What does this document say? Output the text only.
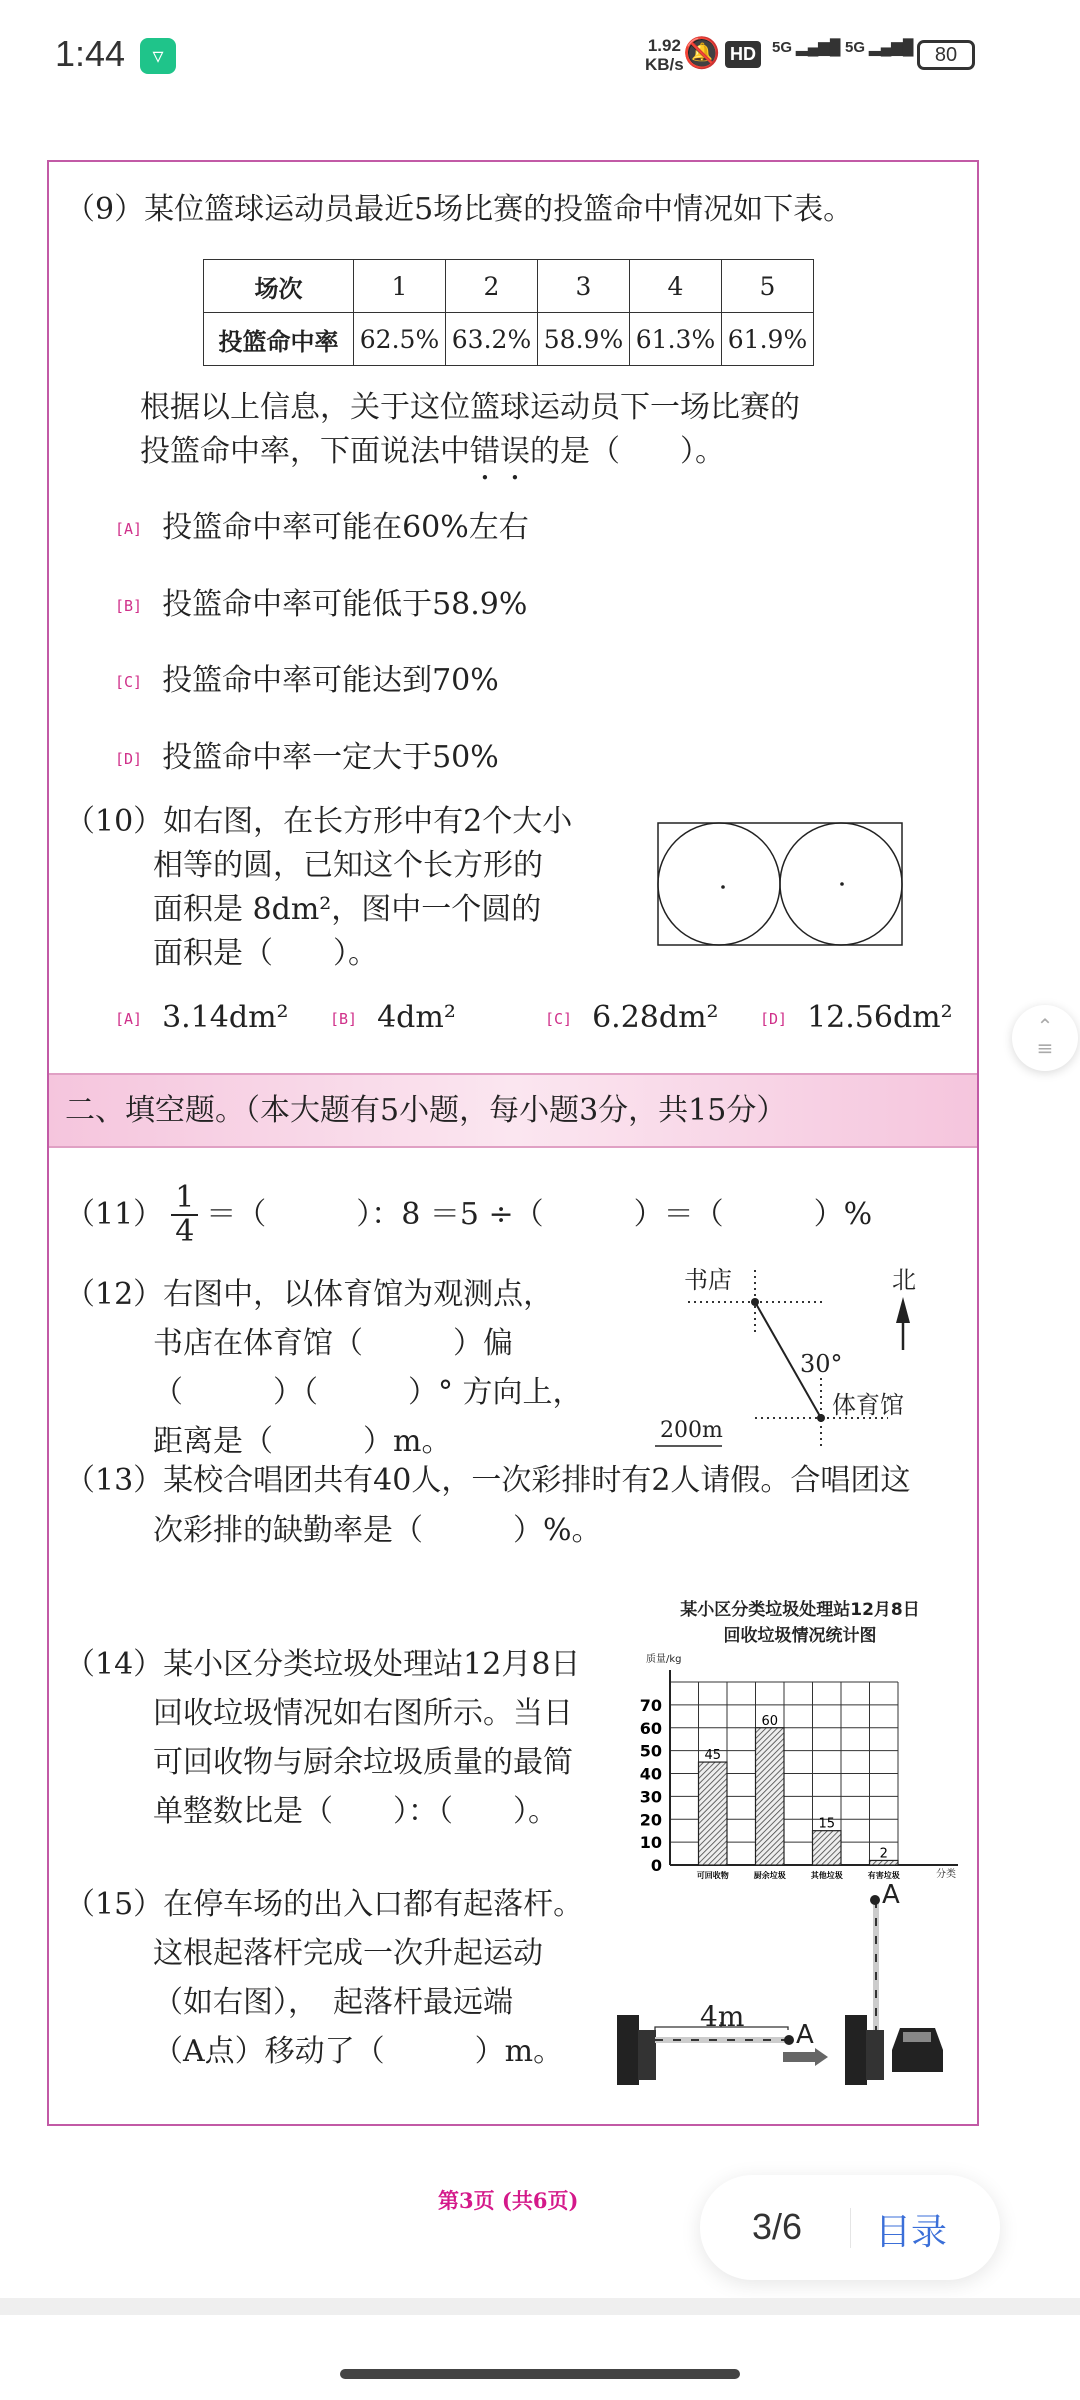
1:44	▿	1.92
KB/s 🔕 HD	5G ▂▄▆█ 5G ▂▄▆█	80
（9）某位篮球运动员最近5场比赛的投篮命中情况如下表。
场次	1	2	3	4	5
投篮命中率	62.5%	63.2%	58.9%	61.3%	61.9%
根据以上信息，关于这位篮球运动员下一场比赛的
投篮命中率，下面说法中错误的是（　　）。
[A] 投篮命中率可能在60%左右
[B] 投篮命中率可能低于58.9%
[C] 投篮命中率可能达到70%
[D] 投篮命中率一定大于50%
（10）如右图，在长方形中有2个大小
相等的圆，已知这个长方形的
面积是 8dm²，图中一个圆的
面积是（　　）。
[A] 3.14dm²	[B] 4dm²	[C] 6.28dm²	[D] 12.56dm²
二、填空题。（本大题有5小题，每小题3分，共15分）
$(11) \frac{1}{4}$ ＝（　　　）：8 ＝5 ÷（　　　）＝（　　　）%
（12）右图中，以体育馆为观测点，
书店在体育馆（　　　）偏
（　　　）（　　　）° 方向上，
距离是（　　　）m。
书店	北
30°
体育馆
200m
（13）某校合唱团共有40人，一次彩排时有2人请假。合唱团这
次彩排的缺勤率是（　　　）%。
（14）某小区分类垃圾处理站12月8日
回收垃圾情况如右图所示。当日
可回收物与厨余垃圾质量的最简
单整数比是（　　）：（　　）。
某小区分类垃圾处理站12月8日
回收垃圾情况统计图
质量/kg
分类
0
10
20
30
40
50
60
70
45
可回收物
60
厨余垃圾
15
其他垃圾
2
有害垃圾
（15）在停车场的出入口都有起落杆。
这根起落杆完成一次升起运动
（如右图），　起落杆最远端
（A点）移动了（　　　）m。
4m
A
A
第3页 (共6页)
3/6 目录
⌃
≡
